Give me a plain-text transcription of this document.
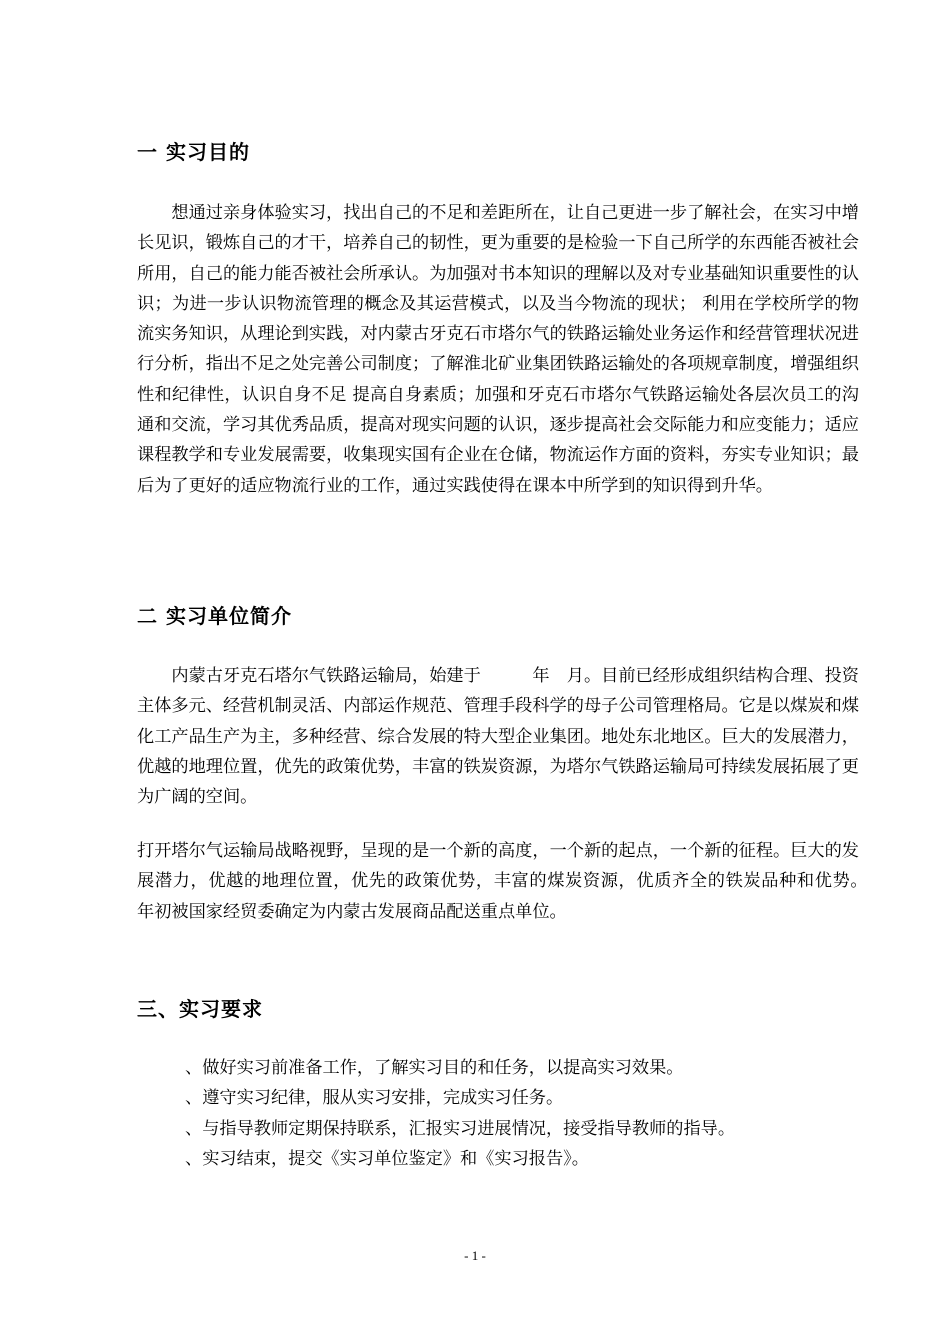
一 实习目的

想通过亲身体验实习，找出自己的不足和差距所在，让自己更进一步了解社会，在实习中增长见识，锻炼自己的才干，培养自己的韧性，更为重要的是检验一下自己所学的东西能否被社会所用，自己的能力能否被社会所承认。为加强对书本知识的理解以及对专业基础知识重要性的认识；为进一步认识物流管理的概念及其运营模式，以及当今物流的现状； 利用在学校所学的物流实务知识，从理论到实践，对内蒙古牙克石市塔尔气的铁路运输处业务运作和经营管理状况进行分析，指出不足之处完善公司制度；了解淮北矿业集团铁路运输处的各项规章制度，增强组织性和纪律性，认识自身不足 提高自身素质；加强和牙克石市塔尔气铁路运输处各层次员工的沟通和交流，学习其优秀品质，提高对现实问题的认识，逐步提高社会交际能力和应变能力；适应课程教学和专业发展需要，收集现实国有企业在仓储，物流运作方面的资料，夯实专业知识；最后为了更好的适应物流行业的工作，通过实践使得在课本中所学到的知识得到升华。

二 实习单位简介

内蒙古牙克石塔尔气铁路运输局，始建于　　　年　月。目前已经形成组织结构合理、投资主体多元、经营机制灵活、内部运作规范、管理手段科学的母子公司管理格局。它是以煤炭和煤化工产品生产为主，多种经营、综合发展的特大型企业集团。地处东北地区。巨大的发展潜力，优越的地理位置，优先的政策优势，丰富的铁炭资源，为塔尔气铁路运输局可持续发展拓展了更为广阔的空间。

打开塔尔气运输局战略视野，呈现的是一个新的高度，一个新的起点，一个新的征程。巨大的发展潜力，优越的地理位置，优先的政策优势，丰富的煤炭资源，优质齐全的铁炭品种和优势。　　年初被国家经贸委确定为内蒙古发展商品配送重点单位。

三、实习要求
、做好实习前准备工作，了解实习目的和任务，以提高实习效果。
、遵守实习纪律，服从实习安排，完成实习任务。
、与指导教师定期保持联系，汇报实习进展情况，接受指导教师的指导。
、实习结束，提交《实习单位鉴定》和《实习报告》。
- 1 -
